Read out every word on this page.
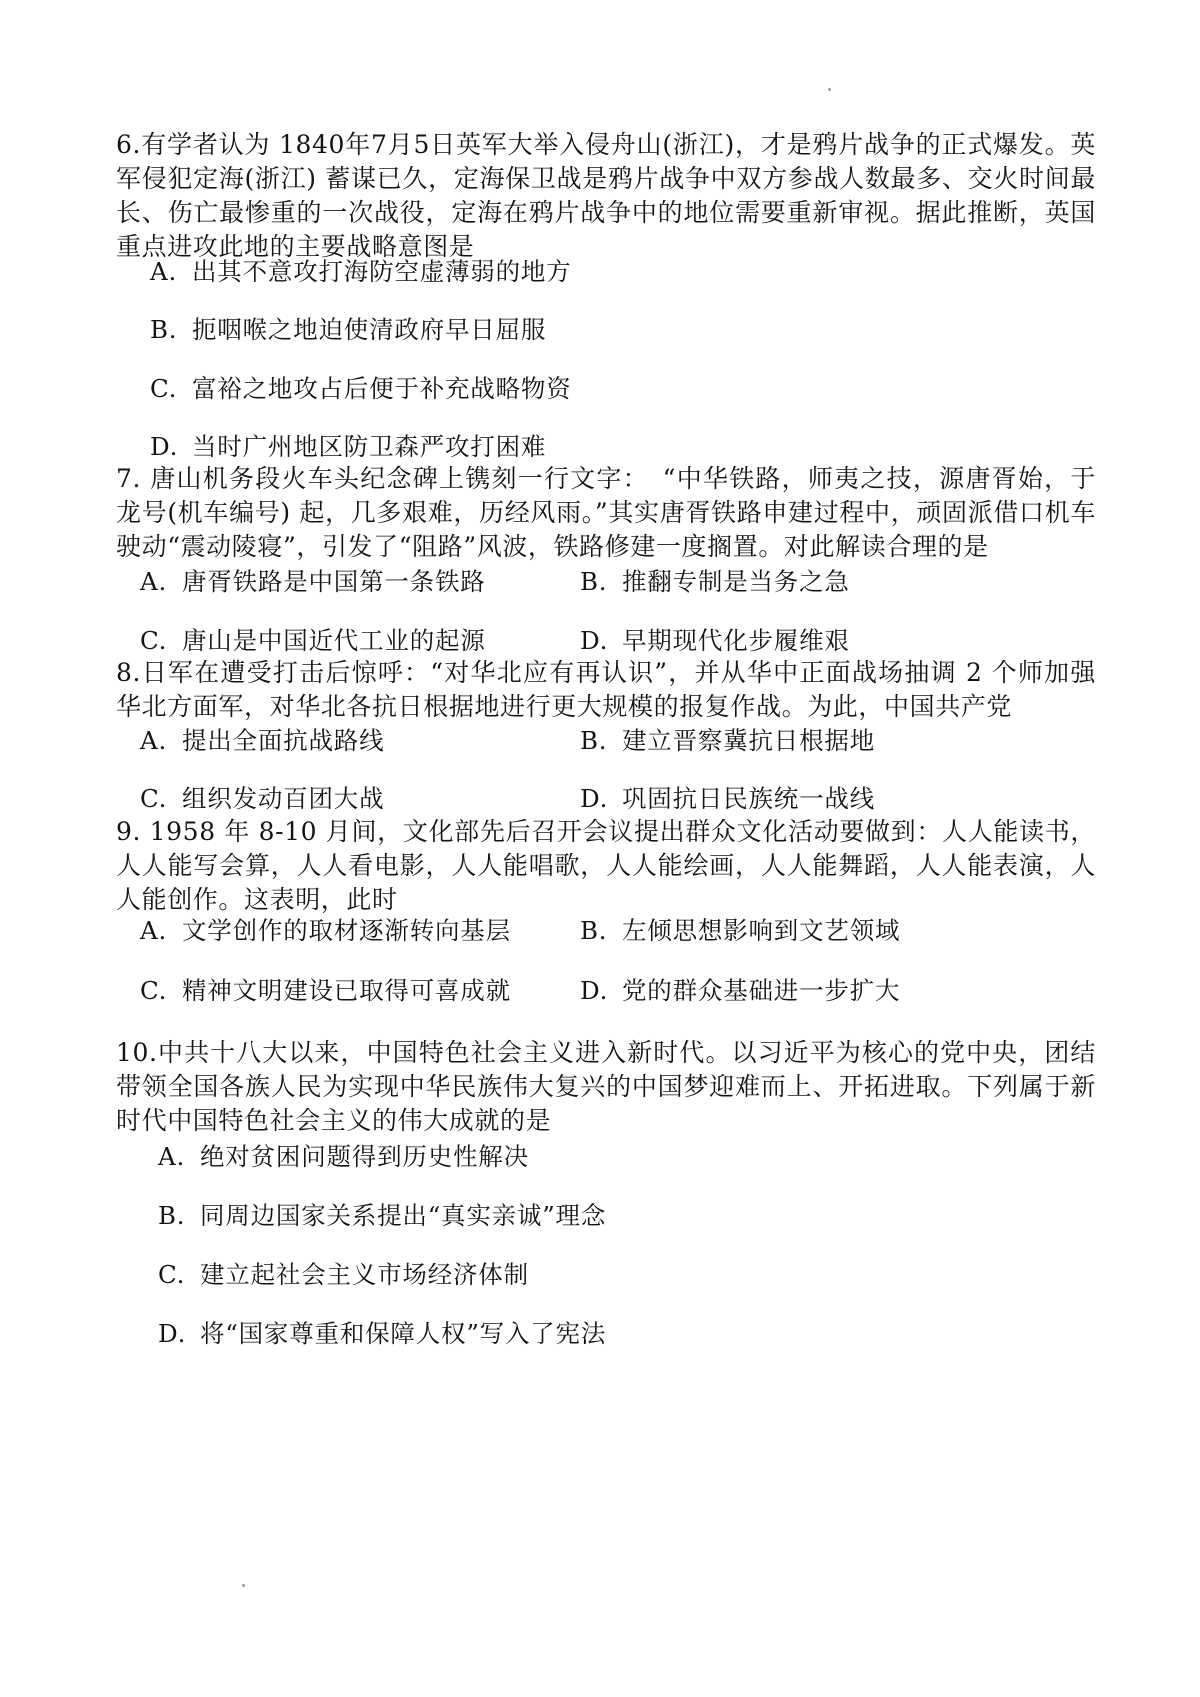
6.有学者认为 1840年7月5日英军大举入侵舟山(浙江)，才是鸦片战争的正式爆发。英军侵犯定海(浙江) 蓄谋已久，定海保卫战是鸦片战争中双方参战人数最多、交火时间最长、伤亡最惨重的一次战役，定海在鸦片战争中的地位需要重新审视。据此推断，英国重点进攻此地的主要战略意图是
A. 出其不意攻打海防空虚薄弱的地方
B. 扼咽喉之地迫使清政府早日屈服
C. 富裕之地攻占后便于补充战略物资
D. 当时广州地区防卫森严攻打困难
7. 唐山机务段火车头纪念碑上镌刻一行文字：　“中华铁路，师夷之技，源唐胥始，于龙号(机车编号) 起，几多艰难，历经风雨。”其实唐胥铁路申建过程中，顽固派借口机车驶动“震动陵寝”，引发了“阻路”风波，铁路修建一度搁置。对此解读合理的是
A. 唐胥铁路是中国第一条铁路	B. 推翻专制是当务之急
C. 唐山是中国近代工业的起源	D. 早期现代化步履维艰
8.日军在遭受打击后惊呼：“对华北应有再认识”，并从华中正面战场抽调 2 个师加强华北方面军，对华北各抗日根据地进行更大规模的报复作战。为此，中国共产党
A. 提出全面抗战路线	B. 建立晋察冀抗日根据地
C. 组织发动百团大战	D. 巩固抗日民族统一战线
9. 1958 年 8-10 月间，文化部先后召开会议提出群众文化活动要做到：人人能读书，人人能写会算，人人看电影，人人能唱歌，人人能绘画，人人能舞蹈，人人能表演，人人能创作。这表明，此时
A. 文学创作的取材逐渐转向基层	B. 左倾思想影响到文艺领域
C. 精神文明建设已取得可喜成就	D. 党的群众基础进一步扩大
10.中共十八大以来，中国特色社会主义进入新时代。以习近平为核心的党中央，团结带领全国各族人民为实现中华民族伟大复兴的中国梦迎难而上、开拓进取。下列属于新时代中国特色社会主义的伟大成就的是
A. 绝对贫困问题得到历史性解决
B. 同周边国家关系提出“真实亲诚”理念
C. 建立起社会主义市场经济体制
D. 将“国家尊重和保障人权”写入了宪法
